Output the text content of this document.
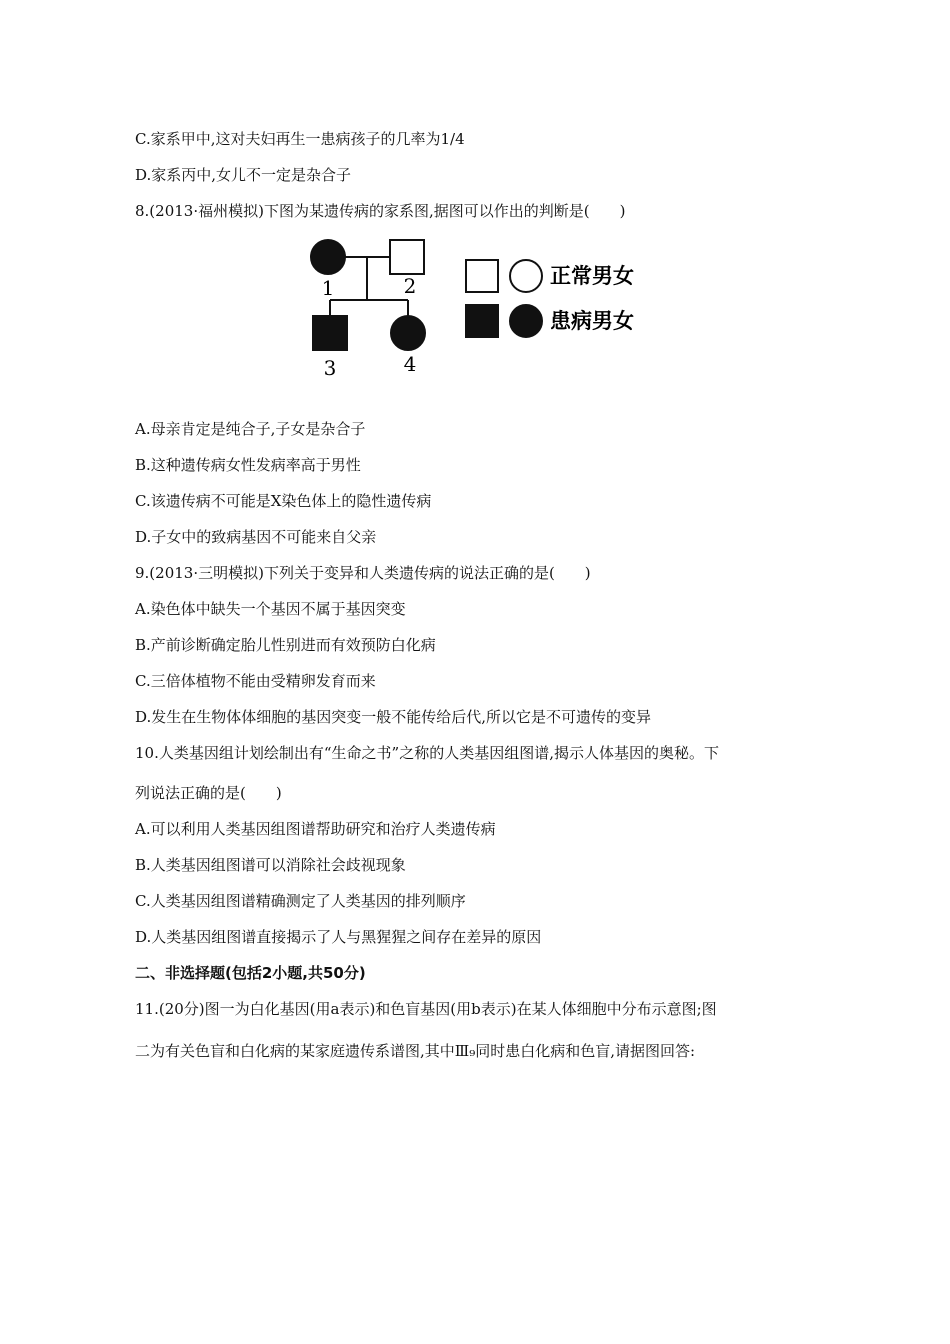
C.家系甲中,这对夫妇再生一患病孩子的几率为1/4
D.家系丙中,女儿不一定是杂合子
8.(2013·福州模拟)下图为某遗传病的家系图,据图可以作出的判断是(　　)
1	2
3	4
正常男女
患病男女
A.母亲肯定是纯合子,子女是杂合子
B.这种遗传病女性发病率高于男性
C.该遗传病不可能是X染色体上的隐性遗传病
D.子女中的致病基因不可能来自父亲
9.(2013·三明模拟)下列关于变异和人类遗传病的说法正确的是(　　)
A.染色体中缺失一个基因不属于基因突变
B.产前诊断确定胎儿性别进而有效预防白化病
C.三倍体植物不能由受精卵发育而来
D.发生在生物体体细胞的基因突变一般不能传给后代,所以它是不可遗传的变异
10.人类基因组计划绘制出有“生命之书”之称的人类基因组图谱,揭示人体基因的奥秘。下
列说法正确的是(　　)
A.可以利用人类基因组图谱帮助研究和治疗人类遗传病
B.人类基因组图谱可以消除社会歧视现象
C.人类基因组图谱精确测定了人类基因的排列顺序
D.人类基因组图谱直接揭示了人与黑猩猩之间存在差异的原因
二、非选择题(包括2小题,共50分)
11.(20分)图一为白化基因(用a表示)和色盲基因(用b表示)在某人体细胞中分布示意图;图
二为有关色盲和白化病的某家庭遗传系谱图,其中Ⅲ₉同时患白化病和色盲,请据图回答:
